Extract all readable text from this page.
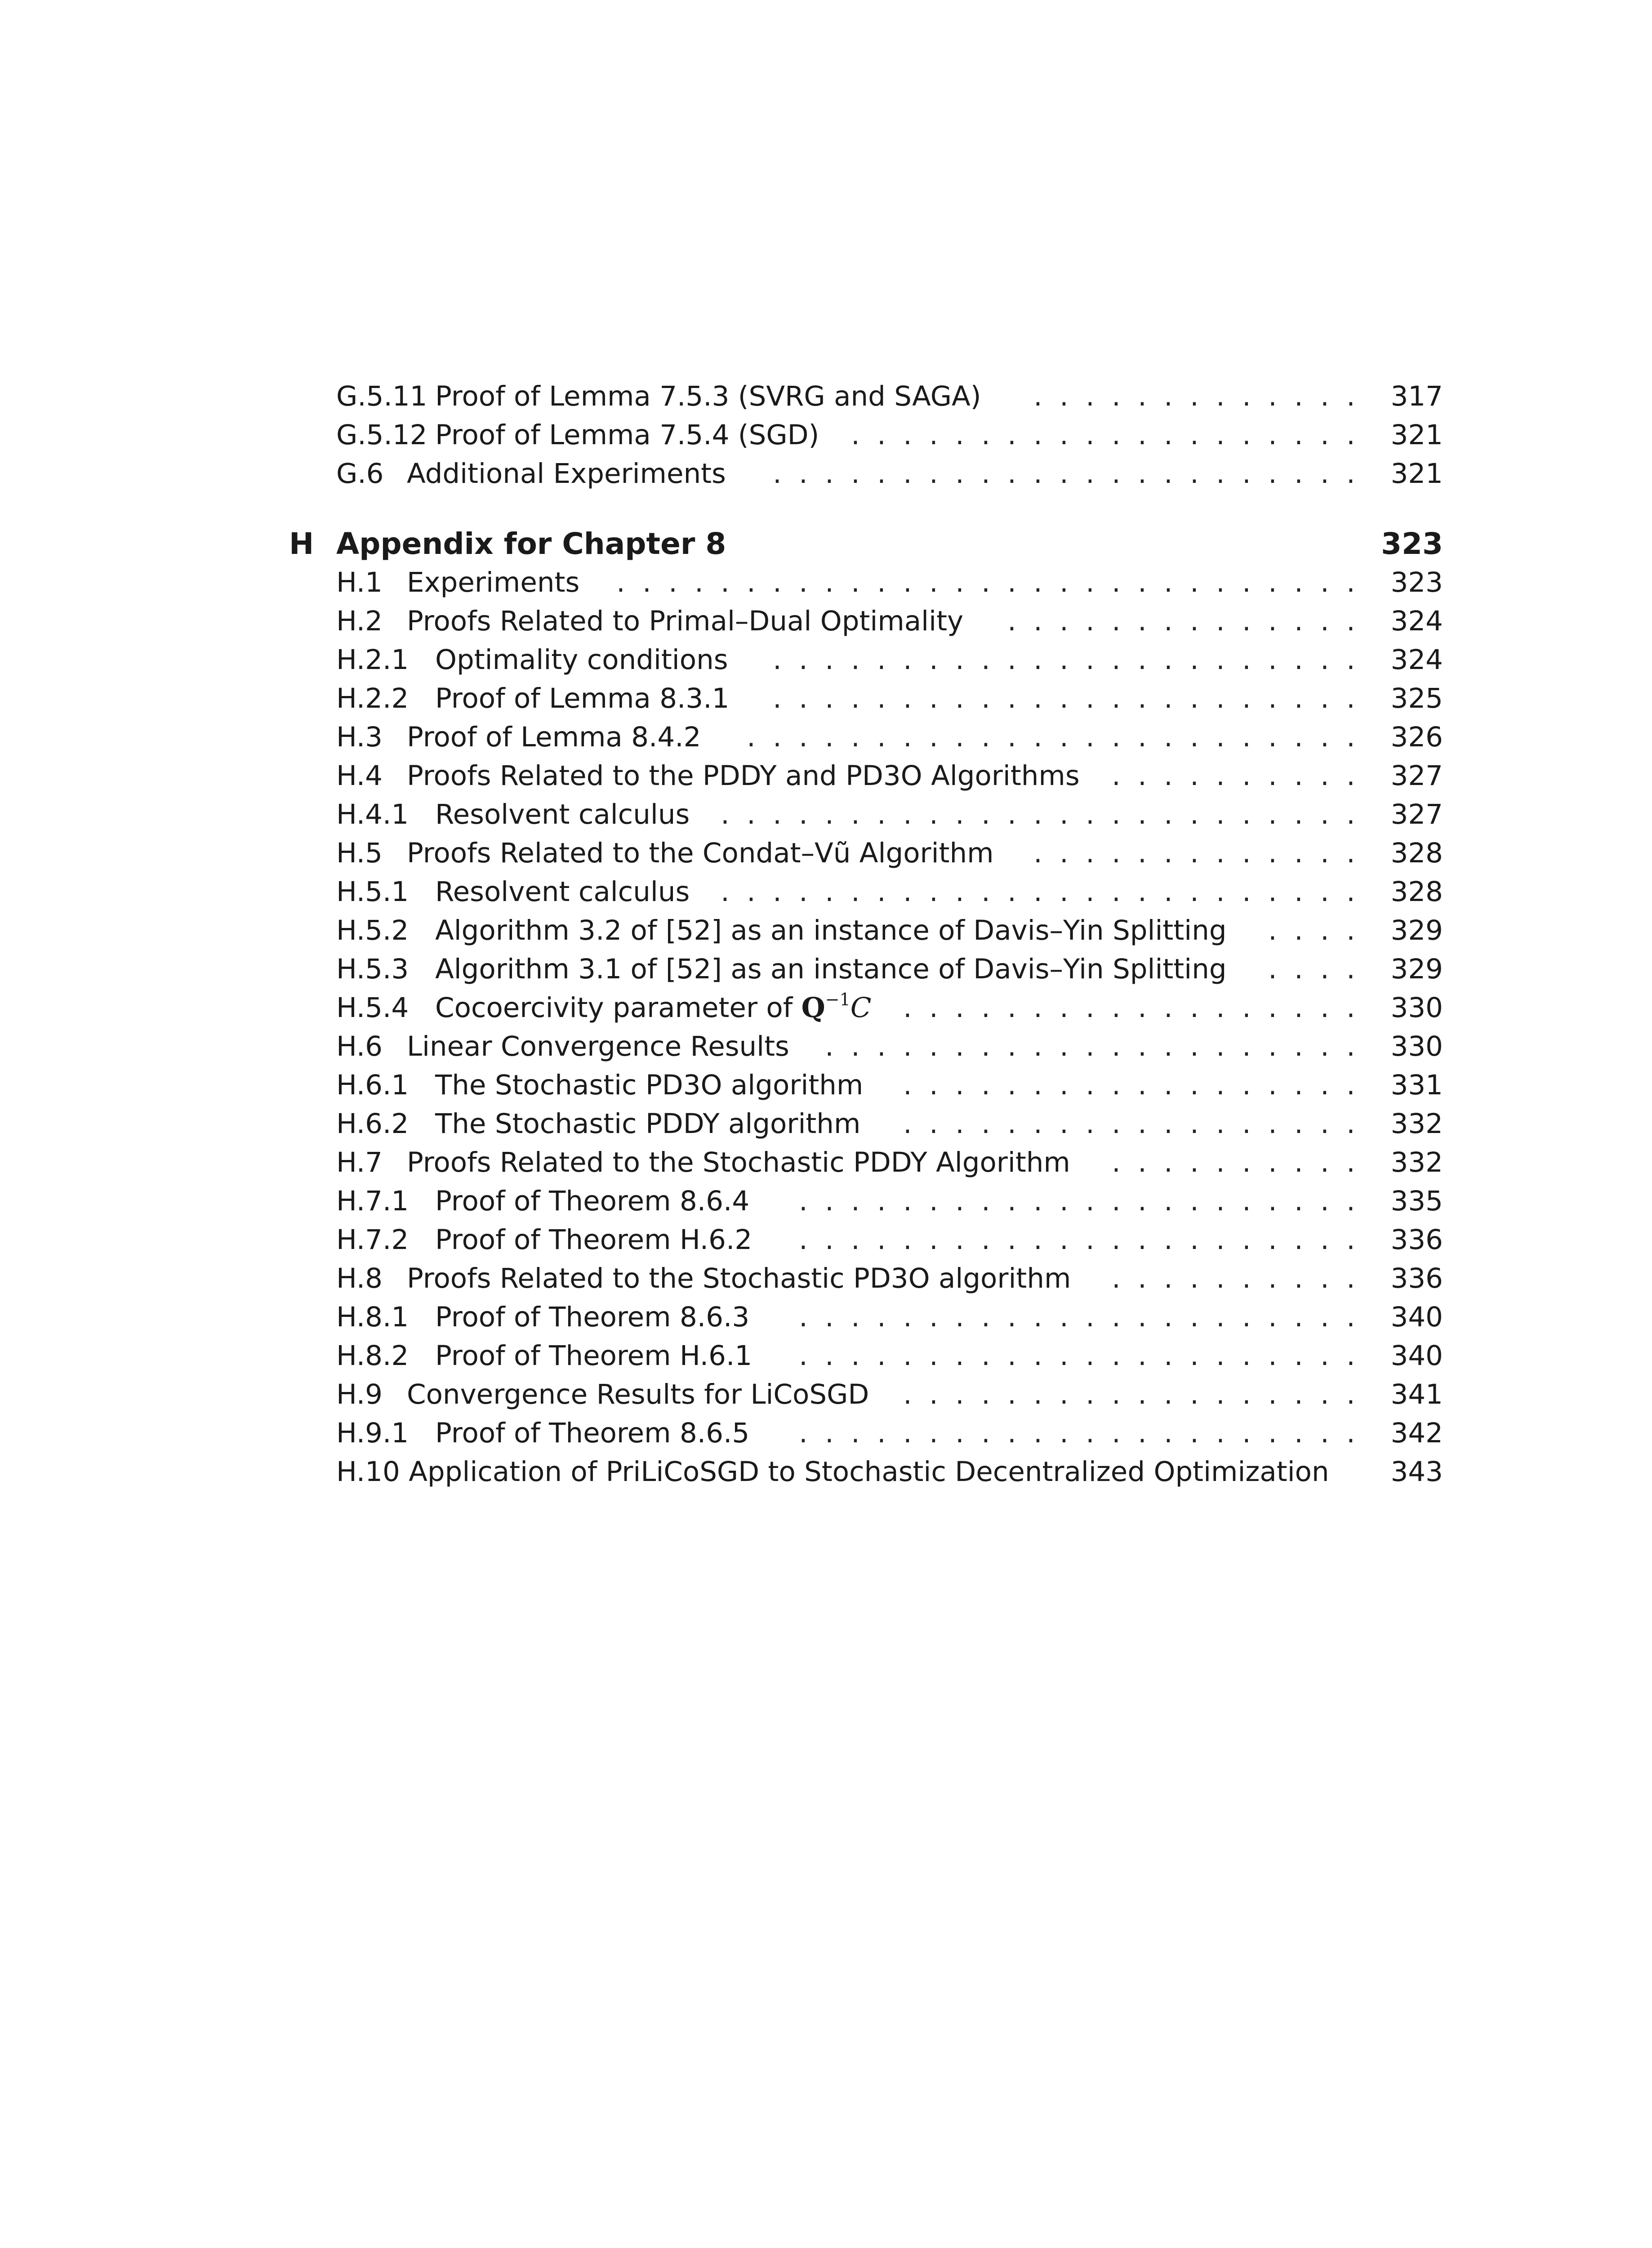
G.5.11 Proof of Lemma 7.5.3 (SVRG and SAGA)	317
. . . . . . . . . . . . .
G.5.12 Proof of Lemma 7.5.4 (SGD)	321
. . . . . . . . . . . . . . . . . . . .
G.6 Additional Experiments	321
. . . . . . . . . . . . . . . . . . . . . . .
H Appendix for Chapter 8	323
H.1 Experiments	323
. . . . . . . . . . . . . . . . . . . . . . . . . . . . .
H.2 Proofs Related to Primal–Dual Optimality	324
. . . . . . . . . . . . . .
H.2.1 Optimality conditions	324
. . . . . . . . . . . . . . . . . . . . . . .
H.2.2 Proof of Lemma 8.3.1	325
. . . . . . . . . . . . . . . . . . . . . . .
H.3 Proof of Lemma 8.4.2	326
. . . . . . . . . . . . . . . . . . . . . . . .
H.4 Proofs Related to the PDDY and PD3O Algorithms	327
. . . . . . . . . .
H.4.1 Resolvent calculus	327
. . . . . . . . . . . . . . . . . . . . . . . . .
H.5 Proofs Related to the Condat–Vũ Algorithm	328
. . . . . . . . . . . . .
H.5.1 Resolvent calculus	328
. . . . . . . . . . . . . . . . . . . . . . . . .
H.5.2 Algorithm 3.2 of [52] as an instance of Davis–Yin Splitting	329
. . . .
H.5.3 Algorithm 3.1 of [52] as an instance of Davis–Yin Splitting	329
. . . .
H.5.4 Cocoercivity parameter of $Q^{-1}C$	330
. . . . . . . . . . . . . . . . . .
H.6 Linear Convergence Results	330
. . . . . . . . . . . . . . . . . . . . .
H.6.1 The Stochastic PD3O algorithm	331
. . . . . . . . . . . . . . . . . .
H.6.2 The Stochastic PDDY algorithm	332
. . . . . . . . . . . . . . . . . .
H.7 Proofs Related to the Stochastic PDDY Algorithm	332
. . . . . . . . . .
H.7.1 Proof of Theorem 8.6.4	335
. . . . . . . . . . . . . . . . . . . . . .
H.7.2 Proof of Theorem H.6.2	336
. . . . . . . . . . . . . . . . . . . . . .
H.8 Proofs Related to the Stochastic PD3O algorithm	336
. . . . . . . . . .
H.8.1 Proof of Theorem 8.6.3	340
. . . . . . . . . . . . . . . . . . . . . .
H.8.2 Proof of Theorem H.6.1	340
. . . . . . . . . . . . . . . . . . . . . .
H.9 Convergence Results for LiCoSGD	341
. . . . . . . . . . . . . . . . . .
H.9.1 Proof of Theorem 8.6.5	342
. . . . . . . . . . . . . . . . . . . . . .
H.10 Application of PriLiCoSGD to Stochastic Decentralized Optimization 343
